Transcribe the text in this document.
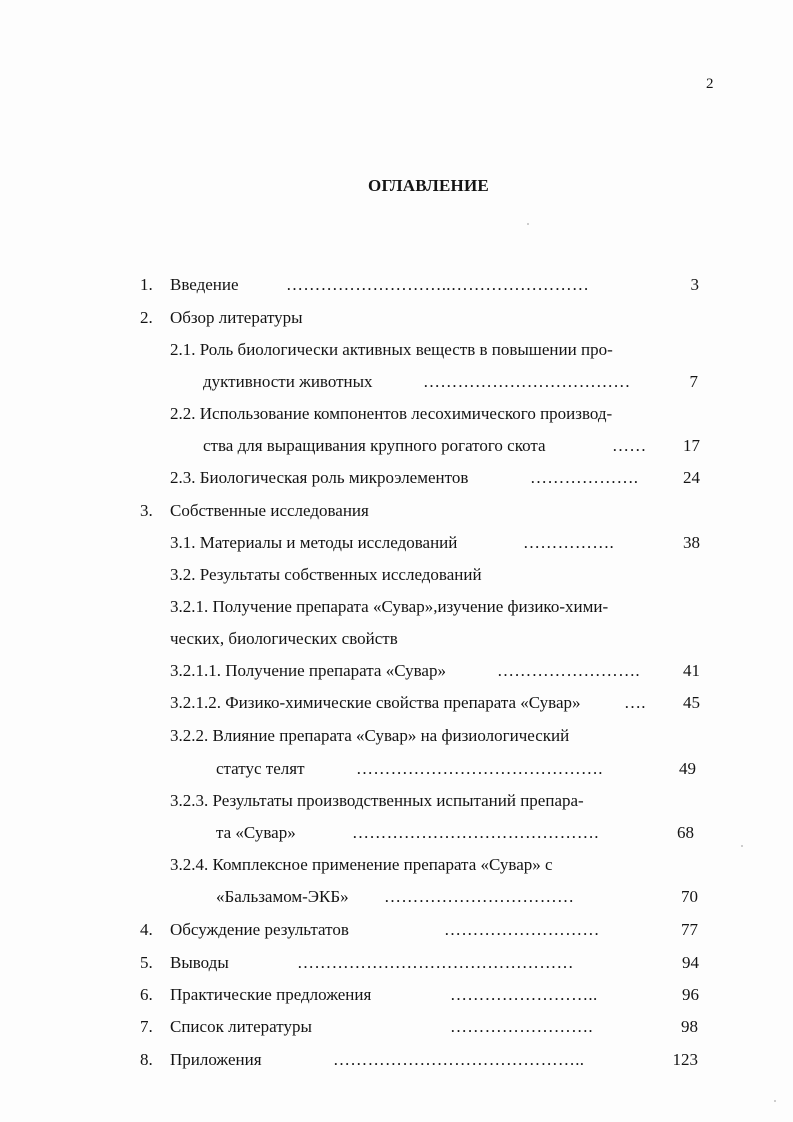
2
ОГЛАВЛЕНИЕ
1. Введение	………………………..……………………	3
2. Обзор литературы
2.1. Роль биологически активных веществ в повышении про-
дуктивности животных	………………………………	7
2.2. Использование компонентов лесохимического производ-
ства для выращивания крупного рогатого скота	……	17
2.3. Биологическая роль микроэлементов	……………….	24
3. Собственные исследования
3.1. Материалы и методы исследований	…………….	38
3.2. Результаты собственных исследований
3.2.1. Получение препарата «Сувар»,изучение физико-хими-
ческих, биологических свойств
3.2.1.1. Получение препарата «Сувар»	…………………….	41
3.2.1.2. Физико-химические свойства препарата «Сувар»	….	45
3.2.2. Влияние препарата «Сувар» на физиологический
статус телят	…………………………………….	49
3.2.3. Результаты производственных испытаний препара-
та «Сувар»	…………………………………….	68
3.2.4. Комплексное применение препарата «Сувар» с
«Бальзамом-ЭКБ» ……………………………	70
4. Обсуждение результатов	………………………	77
5. Выводы	…………………………………………	94
6. Практические предложения	……………………..	96
7. Список литературы	…………………….	98
8. Приложения	……………………………………..	123
